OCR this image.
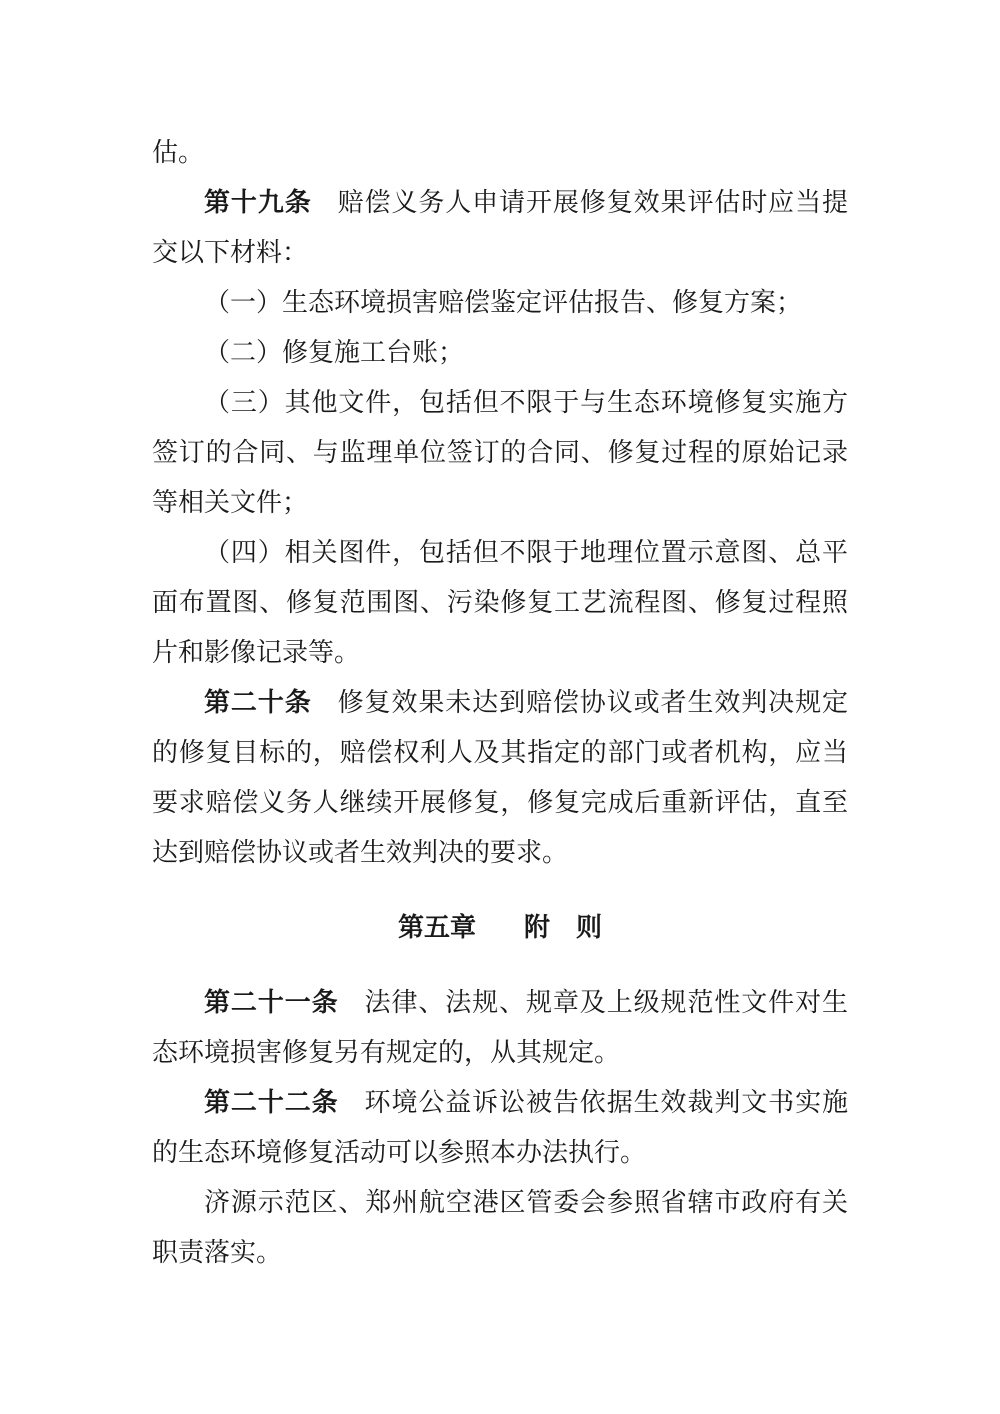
估。

第十九条 赔偿义务人申请开展修复效果评估时应当提交以下材料：

（一）生态环境损害赔偿鉴定评估报告、修复方案；

（二）修复施工台账；

（三）其他文件，包括但不限于与生态环境修复实施方签订的合同、与监理单位签订的合同、修复过程的原始记录等相关文件；

（四）相关图件，包括但不限于地理位置示意图、总平面布置图、修复范围图、污染修复工艺流程图、修复过程照片和影像记录等。

第二十条 修复效果未达到赔偿协议或者生效判决规定的修复目标的，赔偿权利人及其指定的部门或者机构，应当要求赔偿义务人继续开展修复，修复完成后重新评估，直至达到赔偿协议或者生效判决的要求。

第五章 附　则

第二十一条 法律、法规、规章及上级规范性文件对生态环境损害修复另有规定的，从其规定。

第二十二条 环境公益诉讼被告依据生效裁判文书实施的生态环境修复活动可以参照本办法执行。

济源示范区、郑州航空港区管委会参照省辖市政府有关职责落实。
